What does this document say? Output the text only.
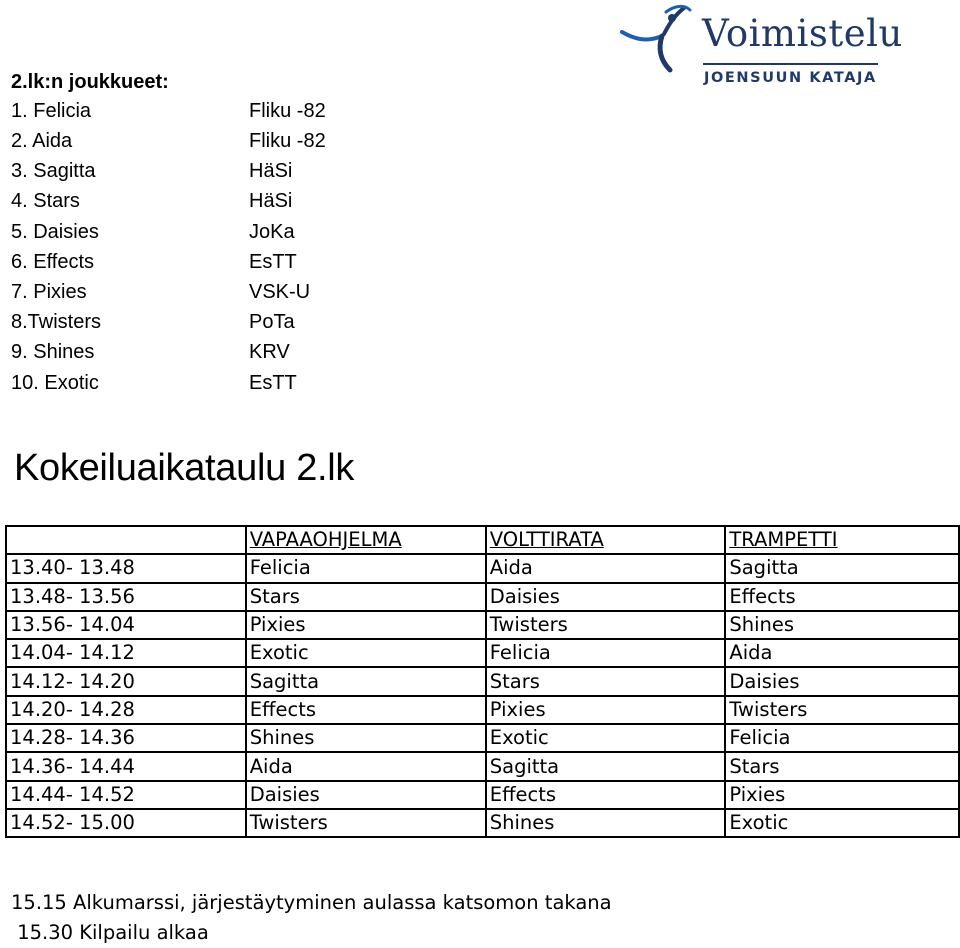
Voimistelu
JOENSUUN KATAJA
2.lk:n joukkueet:
1. Felicia	Fliku -82
2. Aida	Fliku -82
3. Sagitta	HäSi
4. Stars	HäSi
5. Daisies	JoKa
6. Effects	EsTT
7. Pixies	VSK-U
8.Twisters	PoTa
9. Shines	KRV
10. Exotic	EsTT
Kokeiluaikataulu 2.lk
	VAPAAOHJELMA	VOLTTIRATA	TRAMPETTI
13.40- 13.48	Felicia	Aida	Sagitta
13.48- 13.56	Stars	Daisies	Effects
13.56- 14.04	Pixies	Twisters	Shines
14.04- 14.12	Exotic	Felicia	Aida
14.12- 14.20	Sagitta	Stars	Daisies
14.20- 14.28	Effects	Pixies	Twisters
14.28- 14.36	Shines	Exotic	Felicia
14.36- 14.44	Aida	Sagitta	Stars
14.44- 14.52	Daisies	Effects	Pixies
14.52- 15.00	Twisters	Shines	Exotic
15.15 Alkumarssi, järjestäytyminen aulassa katsomon takana
15.30 Kilpailu alkaa
